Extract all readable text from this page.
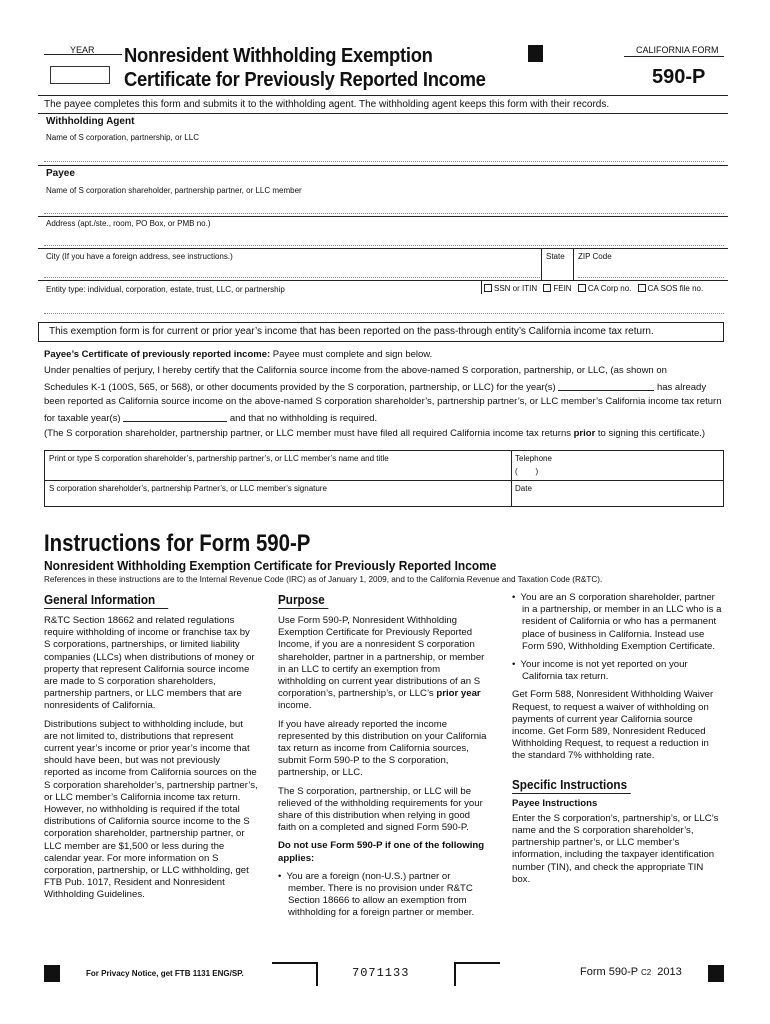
YEAR Nonresident Withholding Exemption
Certificate for Previously Reported Income
CALIFORNIA FORM
590-P
The payee completes this form and submits it to the withholding agent. The withholding agent keeps this form with their records.
Withholding Agent
Name of S corporation, partnership, or LLC
Payee
Name of S corporation shareholder, partnership partner, or LLC member
Address (apt./ste., room, PO Box, or PMB no.)
City (If you have a foreign address, see instructions.)	State ZIP Code
Entity type: individual, corporation, estate, trust, LLC, or partnership	SSN or ITIN FEIN CA Corp no. CA SOS file no.
This exemption form is for current or prior year’s income that has been reported on the pass-through entity’s California income tax return.
Payee’s Certificate of previously reported income: Payee must complete and sign below.
Under penalties of perjury, I hereby certify that the California source income from the above-named S corporation, partnership, or LLC, (as shown on
Schedules K-1 (100S, 565, or 568), or other documents provided by the S corporation, partnership, or LLC) for the year(s)	has already
been reported as California source income on the above-named S corporation shareholder’s, partnership partner’s, or LLC member’s California income tax return
for taxable year(s)	and that no withholding is required.
(The S corporation shareholder, partnership partner, or LLC member must have filed all required California income tax returns prior to signing this certificate.)
Print or type S corporation shareholder’s, partnership partner’s, or LLC member’s name and title	Telephone
(        )
S corporation shareholder’s, partnership Partner’s, or LLC member’s signature	Date
Instructions for Form 590-P
Nonresident Withholding Exemption Certificate for Previously Reported Income
References in these instructions are to the Internal Revenue Code (IRC) as of January 1, 2009, and to the California Revenue and Taxation Code (R&TC).
General Information

R&TC Section 18662 and related regulations require withholding of income or franchise tax by S corporations, partnerships, or limited liability companies (LLCs) when distributions of money or property that represent California source income are made to S corporation shareholders, partnership partners, or LLC members that are nonresidents of California.

Distributions subject to withholding include, but are not limited to, distributions that represent current year’s income or prior year’s income that should have been, but was not previously reported as income from California sources on the S corporation shareholder’s, partnership partner’s, or LLC member’s California income tax return. However, no withholding is required if the total distributions of California source income to the S corporation shareholder, partnership partner, or LLC member are $1,500 or less during the calendar year. For more information on S corporation, partnership, or LLC withholding, get FTB Pub. 1017, Resident and Nonresident Withholding Guidelines.

Purpose

Use Form 590-P, Nonresident Withholding Exemption Certificate for Previously Reported Income, if you are a nonresident S corporation shareholder, partner in a partnership, or member in an LLC to certify an exemption from withholding on current year distributions of an S corporation’s, partnership’s, or LLC’s prior year income.

If you have already reported the income represented by this distribution on your California tax return as income from California sources, submit Form 590-P to the S corporation, partnership, or LLC.

The S corporation, partnership, or LLC will be relieved of the withholding requirements for your share of this distribution when relying in good faith on a completed and signed Form 590-P.

Do not use Form 590-P if one of the following applies:

•  You are a foreign (non-U.S.) partner or member. There is no provision under R&TC Section 18666 to allow an exemption from withholding for a foreign partner or member.

•  You are an S corporation shareholder, partner in a partnership, or member in an LLC who is a resident of California or who has a permanent place of business in California. Instead use Form 590, Withholding Exemption Certificate.

•  Your income is not yet reported on your California tax return.

Get Form 588, Nonresident Withholding Waiver Request, to request a waiver of withholding on payments of current year California source income. Get Form 589, Nonresident Reduced Withholding Request, to request a reduction in the standard 7% withholding rate.

Specific Instructions

Payee Instructions

Enter the S corporation’s, partnership’s, or LLC’s name and the S corporation shareholder’s, partnership partner’s, or LLC member’s information, including the taxpayer identification number (TIN), and check the appropriate TIN box.

For Privacy Notice, get FTB 1131 ENG/SP.	7071133	Form 590-P C2 2013
